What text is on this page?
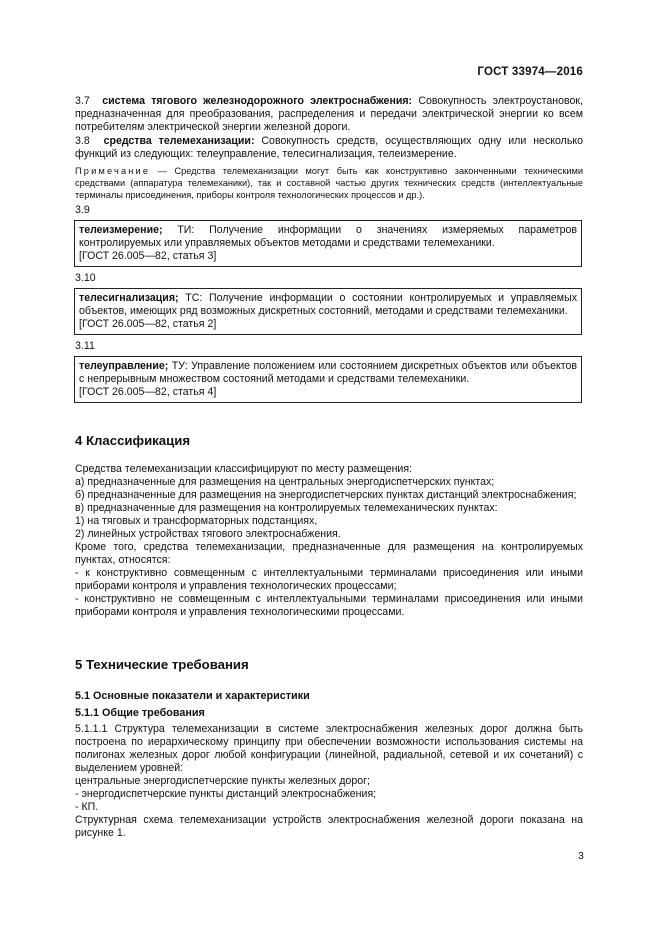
ГОСТ 33974—2016
3.7 система тягового железнодорожного электроснабжения: Совокупность электроустановок, предназначенная для преобразования, распределения и передачи электрической энергии ко всем потребителям электрической энергии железной дороги.
3.8 средства телемеханизации: Совокупность средств, осуществляющих одну или несколько функций из следующих: телеуправление, телесигнализация, телеизмерение.
Примечание — Средства телемеханизации могут быть как конструктивно законченными техническими средствами (аппаратура телемеханики), так и составной частью других технических средств (интеллектуальные терминалы присоединения, приборы контроля технологических процессов и др.).
3.9
телеизмерение; ТИ: Получение информации о значениях измеряемых параметров контролируемых или управляемых объектов методами и средствами телемеханики.
[ГОСТ 26.005—82, статья 3]
3.10
телесигнализация; ТС: Получение информации о состоянии контролируемых и управляемых объектов, имеющих ряд возможных дискретных состояний, методами и средствами телемеханики.
[ГОСТ 26.005—82, статья 2]
3.11
телеуправление; ТУ: Управление положением или состоянием дискретных объектов или объектов с непрерывным множеством состояний методами и средствами телемеханики.
[ГОСТ 26.005—82, статья 4]
4 Классификация
Средства телемеханизации классифицируют по месту размещения:
а) предназначенные для размещения на центральных энергодиспетчерских пунктах;
б) предназначенные для размещения на энергодиспетчерских пунктах дистанций электроснабжения;
в) предназначенные для размещения на контролируемых телемеханических пунктах:
1) на тяговых и трансформаторных подстанциях,
2) линейных устройствах тягового электроснабжения.
Кроме того, средства телемеханизации, предназначенные для размещения на контролируемых пунктах, относятся:
- к конструктивно совмещенным с интеллектуальными терминалами присоединения или иными приборами контроля и управления технологических процессами;
- конструктивно не совмещенным с интеллектуальными терминалами присоединения или иными приборами контроля и управления технологическими процессами.
5 Технические требования
5.1 Основные показатели и характеристики
5.1.1 Общие требования
5.1.1.1 Структура телемеханизации в системе электроснабжения железных дорог должна быть построена по иерархическому принципу при обеспечении возможности использования системы на полигонах железных дорог любой конфигурации (линейной, радиальной, сетевой и их сочетаний) с выделением уровней:
центральные энергодиспетчерские пункты железных дорог;
- энергодиспетчерские пункты дистанций электроснабжения;
- КП.
Структурная схема телемеханизации устройств электроснабжения железной дороги показана на рисунке 1.
3
